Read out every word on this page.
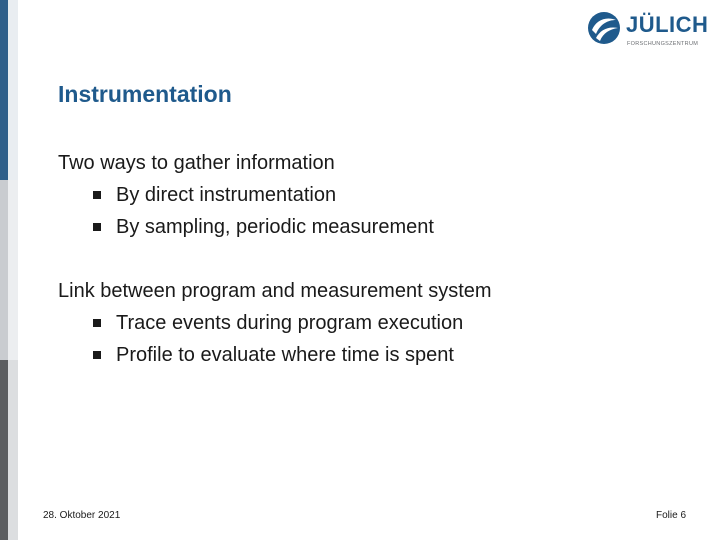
JÜLICH
FORSCHUNGSZENTRUM
Instrumentation

Two ways to gather information

By direct instrumentation
By sampling, periodic measurement

Link between program and measurement system

Trace events during program execution
Profile to evaluate where time is spent
28. Oktober 2021	Folie 6
